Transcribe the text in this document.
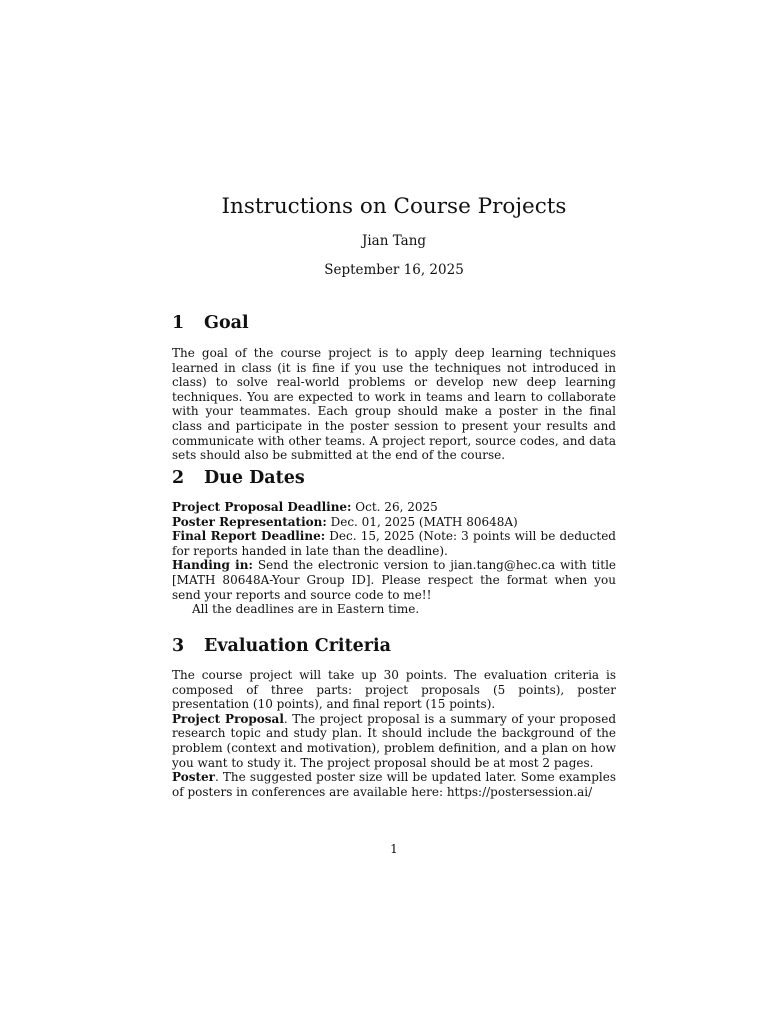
Instructions on Course Projects
Jian Tang
September 16, 2025
1 Goal

The goal of the course project is to apply deep learning techniques learned in class (it is fine if you use the techniques not introduced in class) to solve real-world problems or develop new deep learning techniques. You are expected to work in teams and learn to collaborate with your teammates. Each group should make a poster in the final class and participate in the poster session to present your results and communicate with other teams. A project report, source codes, and data sets should also be submitted at the end of the course.

2 Due Dates

Project Proposal Deadline: Oct. 26, 2025

Poster Representation: Dec. 01, 2025 (MATH 80648A)

Final Report Deadline: Dec. 15, 2025 (Note: 3 points will be deducted for reports handed in late than the deadline).

Handing in: Send the electronic version to jian.tang@hec.ca with title [MATH 80648A-Your Group ID]. Please respect the format when you send your reports and source code to me!!

All the deadlines are in Eastern time.

3 Evaluation Criteria

The course project will take up 30 points. The evaluation criteria is composed of three parts: project proposals (5 points), poster presentation (10 points), and final report (15 points).

Project Proposal. The project proposal is a summary of your proposed research topic and study plan. It should include the background of the problem (context and motivation), problem definition, and a plan on how you want to study it. The project proposal should be at most 2 pages.

Poster. The suggested poster size will be updated later. Some examples of posters in conferences are available here: https://postersession.ai/

1
